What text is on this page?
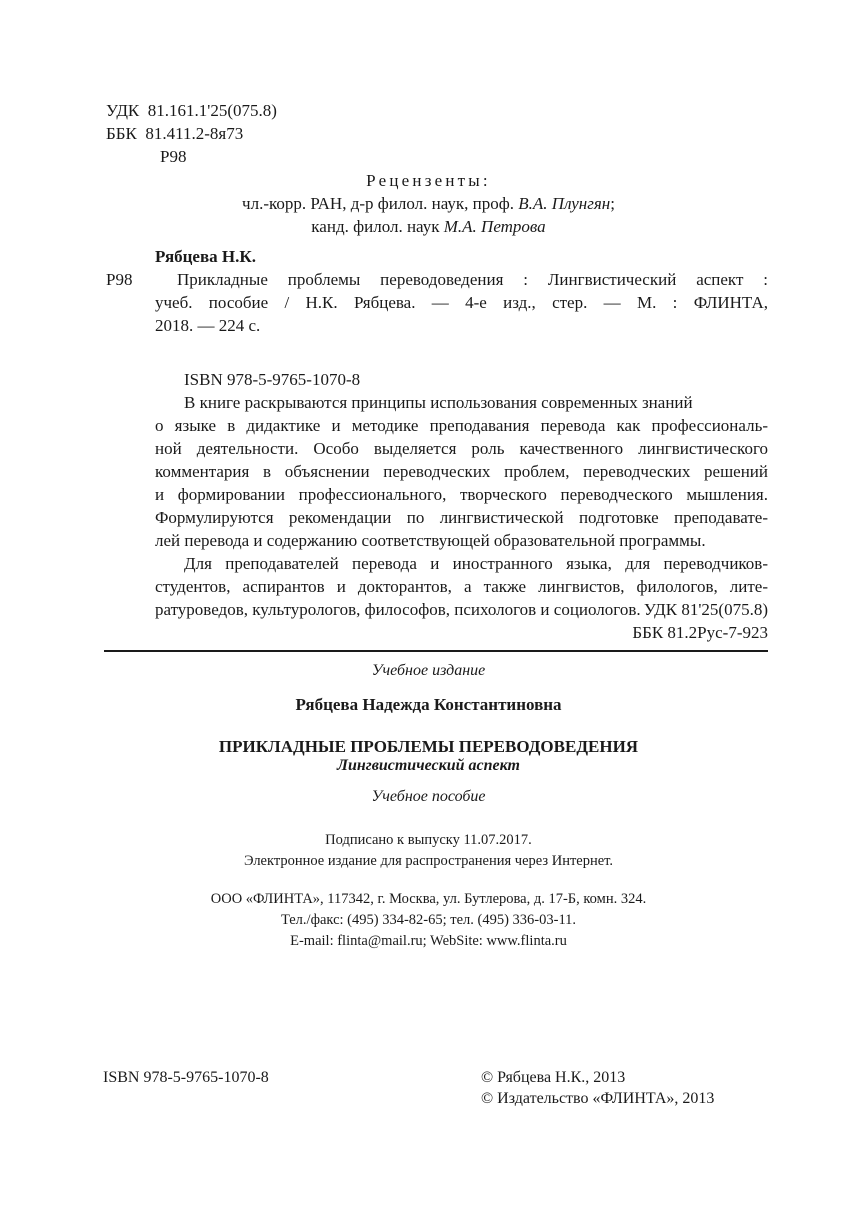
УДК 81.161.1'25(075.8)
ББК 81.411.2-8я73
Р98
Рецензенты:
чл.-корр. РАН, д-р филол. наук, проф. В.А. Плунгян;
канд. филол. наук М.А. Петрова
Рябцева Н.К.
Р98	Прикладные проблемы переводоведения : Лингвистический аспект :
учеб. пособие / Н.К. Рябцева. — 4-е изд., стер. — М. : ФЛИНТА,
2018. — 224 с.
ISBN 978-5-9765-1070-8
В книге раскрываются принципы использования современных знаний
о языке в дидактике и методике преподавания перевода как профессиональ-
ной деятельности. Особо выделяется роль качественного лингвистического
комментария в объяснении переводческих проблем, переводческих решений
и формировании профессионального, творческого переводческого мышления.
Формулируются рекомендации по лингвистической подготовке преподавате-
лей перевода и содержанию соответствующей образовательной программы.
Для преподавателей перевода и иностранного языка, для переводчиков-
студентов, аспирантов и докторантов, а также лингвистов, филологов, лите-
ратуроведов, культурологов, философов, психологов и социологов. УДК 81'25(075.8)
ББК 81.2Рус-7-923
Учебное издание
Рябцева Надежда Константиновна
ПРИКЛАДНЫЕ ПРОБЛЕМЫ ПЕРЕВОДОВЕДЕНИЯ
Лингвистический аспект
Учебное пособие
Подписано к выпуску 11.07.2017.
Электронное издание для распространения через Интернет.
ООО «ФЛИНТА», 117342, г. Москва, ул. Бутлерова, д. 17-Б, комн. 324.
Тел./факс: (495) 334-82-65; тел. (495) 336-03-11.
E-mail: flinta@mail.ru; WebSite: www.flinta.ru
ISBN 978-5-9765-1070-8	© Рябцева Н.К., 2013
© Издательство «ФЛИНТА», 2013
